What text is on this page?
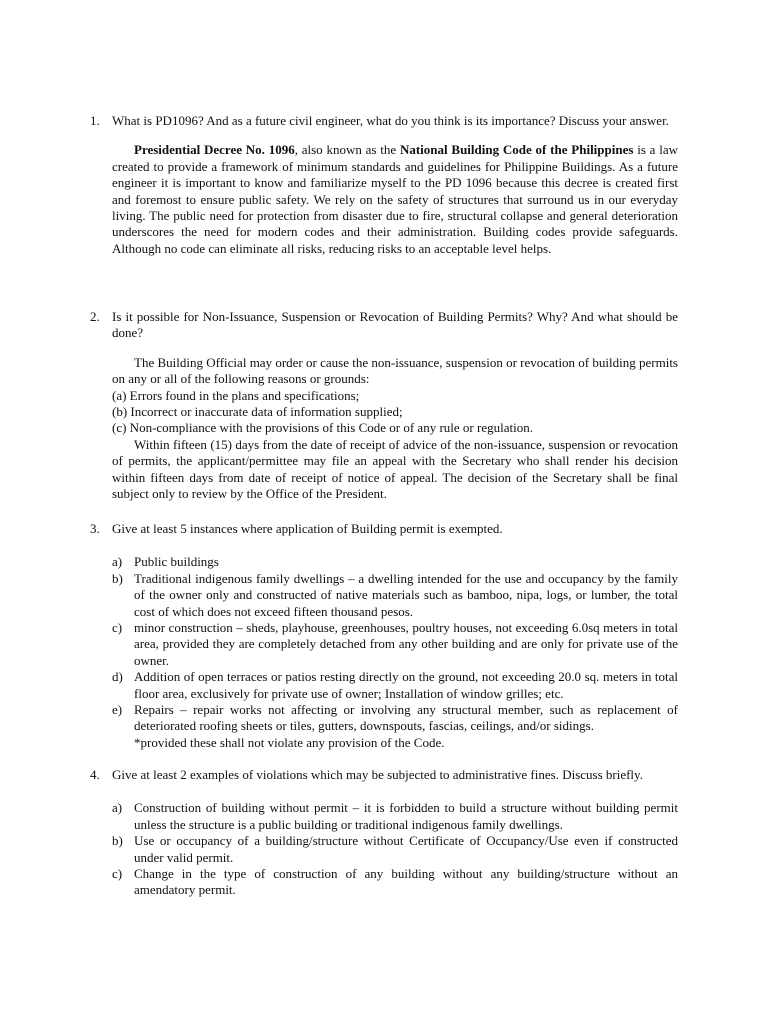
1. What is PD1096? And as a future civil engineer, what do you think is its importance? Discuss your answer.

Presidential Decree No. 1096, also known as the National Building Code of the Philippines is a law created to provide a framework of minimum standards and guidelines for Philippine Buildings. As a future engineer it is important to know and familiarize myself to the PD 1096 because this decree is created first and foremost to ensure public safety. We rely on the safety of structures that surround us in our everyday living. The public need for protection from disaster due to fire, structural collapse and general deterioration underscores the need for modern codes and their administration. Building codes provide safeguards. Although no code can eliminate all risks, reducing risks to an acceptable level helps.

2. Is it possible for Non-Issuance, Suspension or Revocation of Building Permits? Why? And what should be done?

The Building Official may order or cause the non-issuance, suspension or revocation of building permits on any or all of the following reasons or grounds:

(a) Errors found in the plans and specifications;

(b) Incorrect or inaccurate data of information supplied;

(c) Non-compliance with the provisions of this Code or of any rule or regulation.

Within fifteen (15) days from the date of receipt of advice of the non-issuance, suspension or revocation of permits, the applicant/permittee may file an appeal with the Secretary who shall render his decision within fifteen days from date of receipt of notice of appeal. The decision of the Secretary shall be final subject only to review by the Office of the President.

3. Give at least 5 instances where application of Building permit is exempted.
a) Public buildings
b) Traditional indigenous family dwellings – a dwelling intended for the use and occupancy by the family of the owner only and constructed of native materials such as bamboo, nipa, logs, or lumber, the total cost of which does not exceed fifteen thousand pesos.
c) minor construction – sheds, playhouse, greenhouses, poultry houses, not exceeding 6.0sq meters in total area, provided they are completely detached from any other building and are only for private use of the owner.
d) Addition of open terraces or patios resting directly on the ground, not exceeding 20.0 sq. meters in total floor area, exclusively for private use of owner; Installation of window grilles; etc.
e) Repairs – repair works not affecting or involving any structural member, such as replacement of deteriorated roofing sheets or tiles, gutters, downspouts, fascias, ceilings, and/or sidings.
*provided these shall not violate any provision of the Code.
4. Give at least 2 examples of violations which may be subjected to administrative fines. Discuss briefly.
a) Construction of building without permit – it is forbidden to build a structure without building permit unless the structure is a public building or traditional indigenous family dwellings.
b) Use or occupancy of a building/structure without Certificate of Occupancy/Use even if constructed under valid permit.
c) Change in the type of construction of any building without any building/structure without an amendatory permit.
